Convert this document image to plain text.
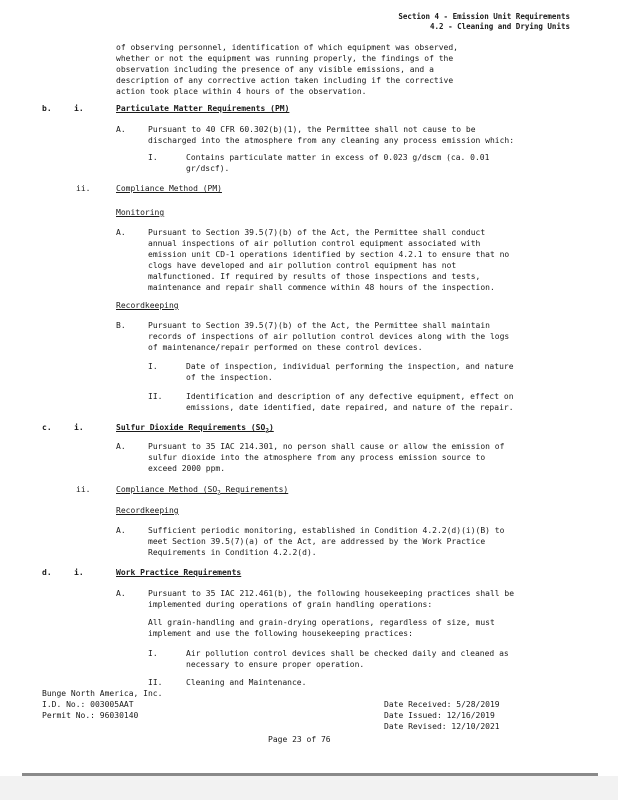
Section 4 - Emission Unit Requirements
4.2 - Cleaning and Drying Units
of observing personnel, identification of which equipment was observed,
whether or not the equipment was running properly, the findings of the
observation including the presence of any visible emissions, and a
description of any corrective action taken including if the corrective
action took place within 4 hours of the observation.
b.	i.	Particulate Matter Requirements (PM)
A.	Pursuant to 40 CFR 60.302(b)(1), the Permittee shall not cause to be
discharged into the atmosphere from any cleaning any process emission which:
I.	Contains particulate matter in excess of 0.023 g/dscm (ca. 0.01
gr/dscf).
ii.	Compliance Method (PM)
Monitoring
A.	Pursuant to Section 39.5(7)(b) of the Act, the Permittee shall conduct
annual inspections of air pollution control equipment associated with
emission unit CD-1 operations identified by section 4.2.1 to ensure that no
clogs have developed and air pollution control equipment has not
malfunctioned. If required by results of those inspections and tests,
maintenance and repair shall commence within 48 hours of the inspection.
Recordkeeping
B.	Pursuant to Section 39.5(7)(b) of the Act, the Permittee shall maintain
records of inspections of air pollution control devices along with the logs
of maintenance/repair performed on these control devices.
I.	Date of inspection, individual performing the inspection, and nature
of the inspection.
II.	Identification and description of any defective equipment, effect on
emissions, date identified, date repaired, and nature of the repair.
c.	i.	Sulfur Dioxide Requirements $(SO_2)$
A.	Pursuant to 35 IAC 214.301, no person shall cause or allow the emission of
sulfur dioxide into the atmosphere from any process emission source to
exceed 2000 ppm.
ii.	Compliance Method ($SO_2$ Requirements)
Recordkeeping
A.	Sufficient periodic monitoring, established in Condition 4.2.2(d)(i)(B) to
meet Section 39.5(7)(a) of the Act, are addressed by the Work Practice
Requirements in Condition 4.2.2(d).
d.	i.	Work Practice Requirements
A.	Pursuant to 35 IAC 212.461(b), the following housekeeping practices shall be
implemented during operations of grain handling operations:
All grain-handling and grain-drying operations, regardless of size, must
implement and use the following housekeeping practices:
I.	Air pollution control devices shall be checked daily and cleaned as
necessary to ensure proper operation.
II.	Cleaning and Maintenance.
Bunge North America, Inc.
I.D. No.: 003005AAT
Permit No.: 96030140
Date Received: 5/28/2019
Date Issued: 12/16/2019
Date Revised: 12/10/2021
Page 23 of 76
